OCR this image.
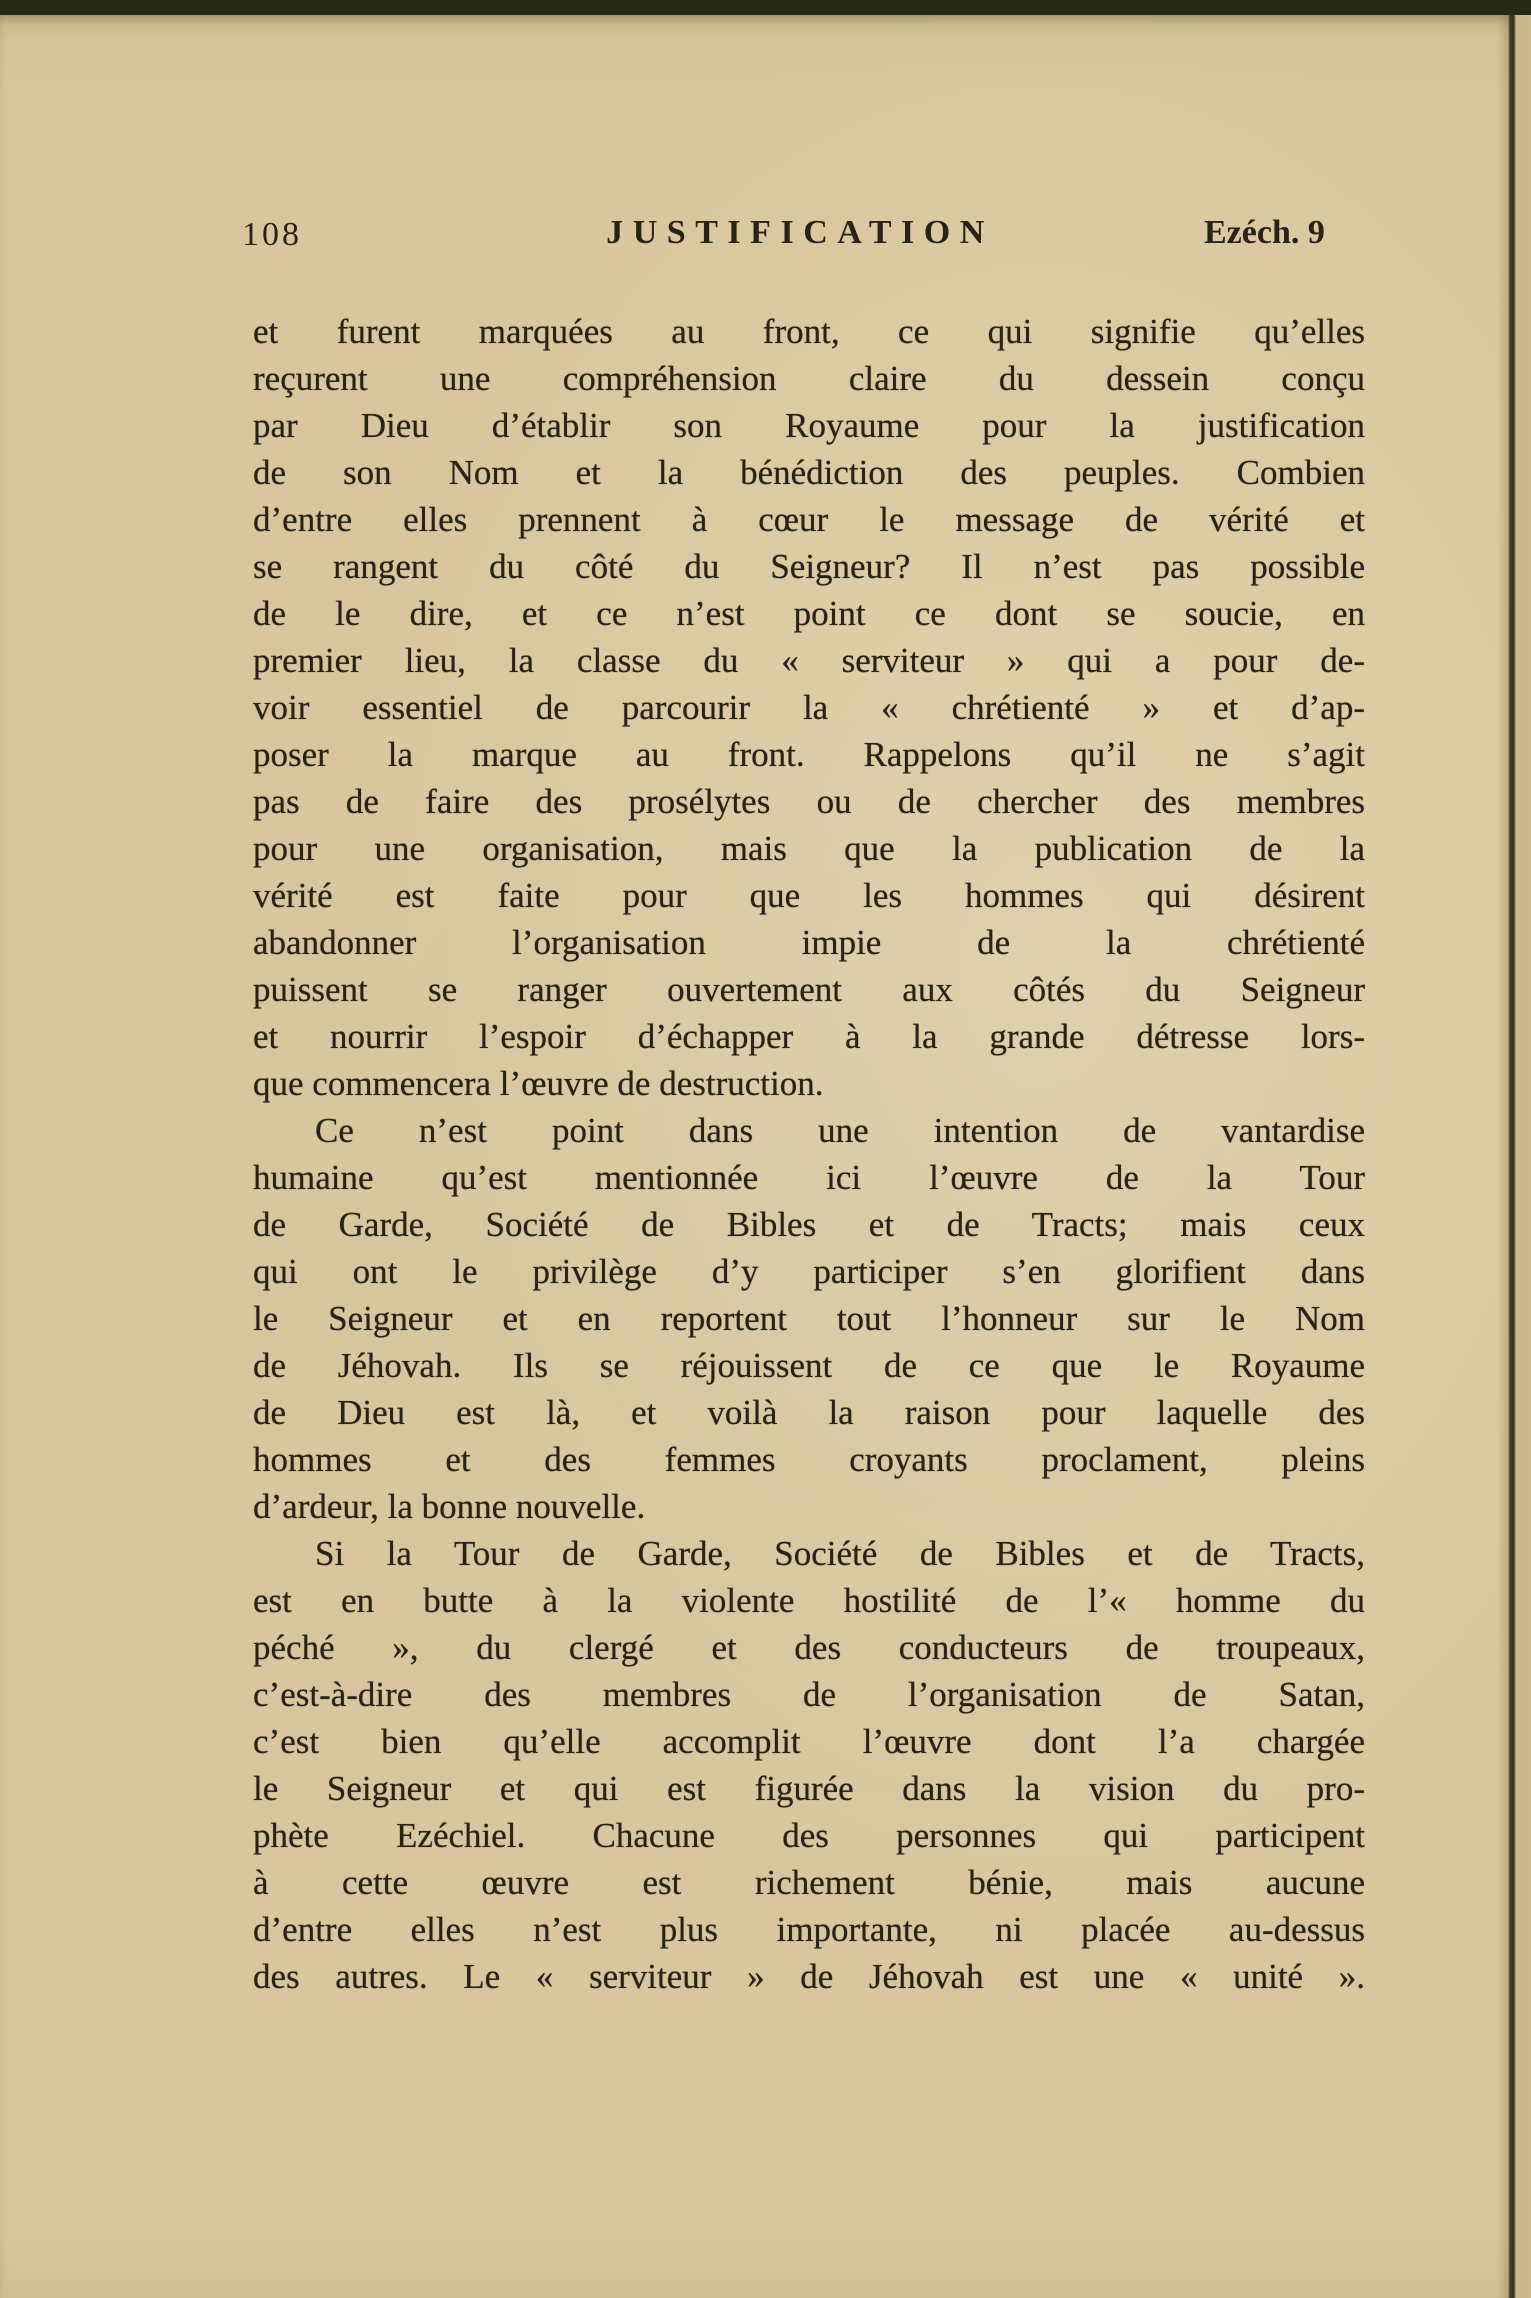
108	JUSTIFICATION	Ezéch. 9
et furent marquées au front, ce qui signifie qu’elles
reçurent une compréhension claire du dessein conçu
par Dieu d’établir son Royaume pour la justification
de son Nom et la bénédiction des peuples. Combien
d’entre elles prennent à cœur le message de vérité et
se rangent du côté du Seigneur? Il n’est pas possible
de le dire, et ce n’est point ce dont se soucie, en
premier lieu, la classe du « serviteur » qui a pour de-
voir essentiel de parcourir la « chrétienté » et d’ap-
poser la marque au front. Rappelons qu’il ne s’agit
pas de faire des prosélytes ou de chercher des membres
pour une organisation, mais que la publication de la
vérité est faite pour que les hommes qui désirent
abandonner l’organisation impie de la chrétienté
puissent se ranger ouvertement aux côtés du Seigneur
et nourrir l’espoir d’échapper à la grande détresse lors-
que commencera l’œuvre de destruction.
Ce n’est point dans une intention de vantardise
humaine qu’est mentionnée ici l’œuvre de la Tour
de Garde, Société de Bibles et de Tracts; mais ceux
qui ont le privilège d’y participer s’en glorifient dans
le Seigneur et en reportent tout l’honneur sur le Nom
de Jéhovah. Ils se réjouissent de ce que le Royaume
de Dieu est là, et voilà la raison pour laquelle des
hommes et des femmes croyants proclament, pleins
d’ardeur, la bonne nouvelle.
Si la Tour de Garde, Société de Bibles et de Tracts,
est en butte à la violente hostilité de l’« homme du
péché », du clergé et des conducteurs de troupeaux,
c’est-à-dire des membres de l’organisation de Satan,
c’est bien qu’elle accomplit l’œuvre dont l’a chargée
le Seigneur et qui est figurée dans la vision du pro-
phète Ezéchiel. Chacune des personnes qui participent
à cette œuvre est richement bénie, mais aucune
d’entre elles n’est plus importante, ni placée au-dessus
des autres. Le « serviteur » de Jéhovah est une « unité ».
